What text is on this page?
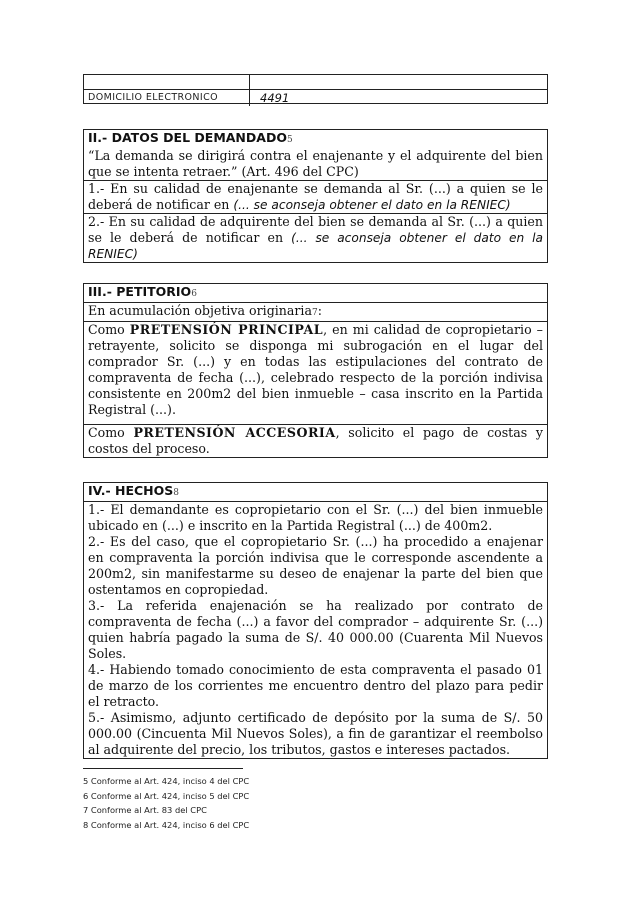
DOMICILIO ELECTRONICO	4491
II.- DATOS DEL DEMANDADO5
“La demanda se dirigirá contra el enajenante y el adquirente del bien que se intenta retraer.” (Art. 496 del CPC)
1.- En su calidad de enajenante se demanda al Sr. (...) a quien se le deberá de notificar en (... se aconseja obtener el dato en la RENIEC)
2.- En su calidad de adquirente del bien se demanda al Sr. (...) a quien se le deberá de notificar en (... se aconseja obtener el dato en la RENIEC)
III.- PETITORIO6
En acumulación objetiva originaria7:
Como PRETENSIÓN PRINCIPAL, en mi calidad de copropietario – retrayente, solicito se disponga mi subrogación en el lugar del comprador Sr. (...) y en todas las estipulaciones del contrato de compraventa de fecha (...), celebrado respecto de la porción indivisa consistente en 200m2 del bien inmueble – casa inscrito en la Partida Registral (...).
Como PRETENSIÓN ACCESORIA, solicito el pago de costas y costos del proceso.
IV.- HECHOS8
1.- El demandante es copropietario con el Sr. (...) del bien inmueble ubicado en (...) e inscrito en la Partida Registral (...) de 400m2.
2.- Es del caso, que el copropietario Sr. (...) ha procedido a enajenar en compraventa la porción indivisa que le corresponde ascendente a 200m2, sin manifestarme su deseo de enajenar la parte del bien que ostentamos en copropiedad.
3.- La referida enajenación se ha realizado por contrato de compraventa de fecha (...) a favor del comprador – adquirente Sr. (...) quien habría pagado la suma de S/. 40 000.00 (Cuarenta Mil Nuevos Soles.
4.- Habiendo tomado conocimiento de esta compraventa el pasado 01 de marzo de los corrientes me encuentro dentro del plazo para pedir el retracto.
5.- Asimismo, adjunto certificado de depósito por la suma de S/. 50 000.00 (Cincuenta Mil Nuevos Soles), a fin de garantizar el reembolso al adquirente del precio, los tributos, gastos e intereses pactados.
5 Conforme al Art. 424, inciso 4 del CPC
6 Conforme al Art. 424, inciso 5 del CPC
7 Conforme al Art. 83 del CPC
8 Conforme al Art. 424, inciso 6 del CPC
